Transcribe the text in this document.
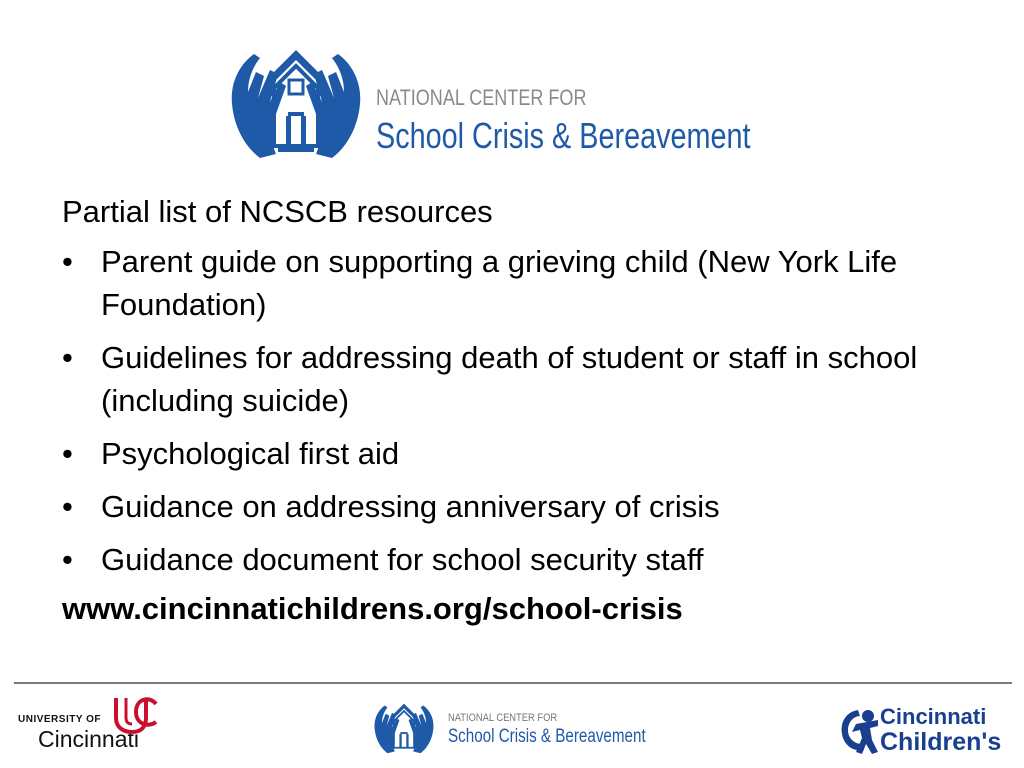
NATIONAL CENTER FOR
School Crisis & Bereavement
Partial list of NCSCB resources
• Parent guide on supporting a grieving child (New York Life Foundation)
• Guidelines for addressing death of student or staff in school (including suicide)
• Psychological first aid
• Guidance on addressing anniversary of crisis
• Guidance document for school security staff
www.cincinnatichildrens.org/school-crisis
UNIVERSITY OF
Cincinnati
NATIONAL CENTER FOR
School Crisis & Bereavement
Cincinnati
Children's
